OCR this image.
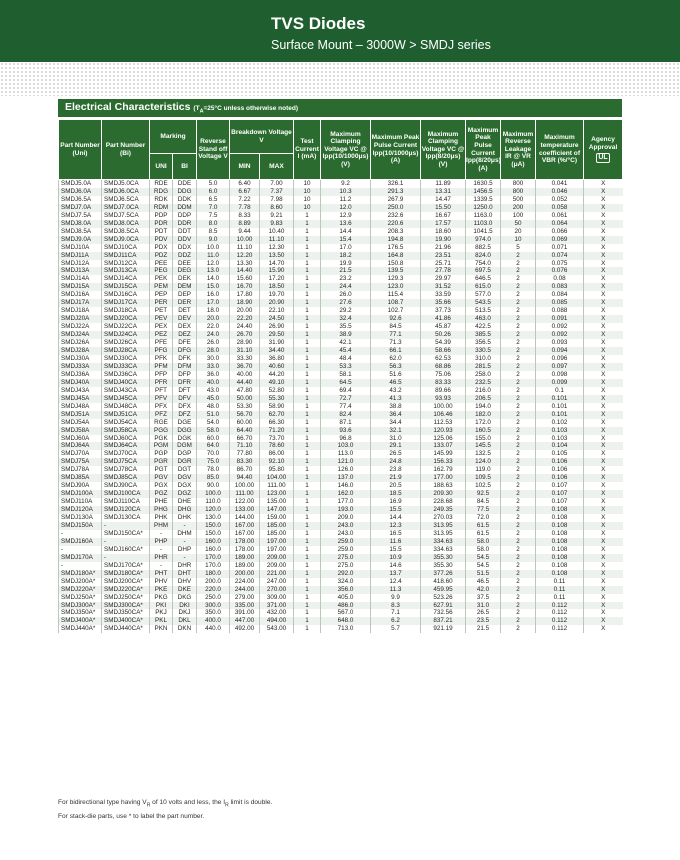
TVS Diodes
Surface Mount – 3000W > SMDJ series
Electrical Characteristics ($T_A=25^\circ C$ unless otherwise noted)
Part Number (Uni)	Part Number (Bi)	Marking		Reverse Stand off Voltage V	Breakdown Voltage V		Test Current I (mA)	Maximum Clamping Voltage VC @ Ipp(10/1000μs) (V)	Maximum Peak Pulse Current Ipp(10/1000μs) (A)	Maximum Clamping Voltage VC @ Ipp(8/20μs) (V)	Maximum Peak Pulse Current Ipp(8/20μs) (A)	Maximum Reverse Leakage IR @ VR (μA)	Maximum temperature coefficient of VBR (%/°C)	Agency Approval
UL
		UNI	BI		MIN	MAX								
SMDJ5.0A	SMDJ5.0CA	RDE	DDE	5.0	6.40	7.00	10	9.2	326.1	11.89	1630.5	800	0.041	X
SMDJ6.0A	SMDJ6.0CA	RDG	DDG	6.0	6.67	7.37	10	10.3	291.3	13.31	1456.5	800	0.046	X
SMDJ6.5A	SMDJ6.5CA	RDK	DDK	6.5	7.22	7.98	10	11.2	267.9	14.47	1339.5	500	0.052	X
SMDJ7.0A	SMDJ7.0CA	RDM	DDM	7.0	7.78	8.60	10	12.0	250.0	15.50	1250.0	200	0.058	X
SMDJ7.5A	SMDJ7.5CA	PDP	DDP	7.5	8.33	9.21	1	12.9	232.6	16.67	1163.0	100	0.061	X
SMDJ8.0A	SMDJ8.0CA	PDR	DDR	8.0	8.89	9.83	1	13.6	220.6	17.57	1103.0	50	0.064	X
SMDJ8.5A	SMDJ8.5CA	PDT	DDT	8.5	9.44	10.40	1	14.4	208.3	18.60	1041.5	20	0.066	X
SMDJ9.0A	SMDJ9.0CA	PDV	DDV	9.0	10.00	11.10	1	15.4	194.8	19.90	974.0	10	0.069	X
SMDJ10A	SMDJ10CA	PDX	DDX	10.0	11.10	12.30	1	17.0	176.5	21.96	882.5	5	0.071	X
SMDJ11A	SMDJ11CA	PDZ	DDZ	11.0	12.20	13.50	1	18.2	164.8	23.51	824.0	2	0.074	X
SMDJ12A	SMDJ12CA	PEE	DEE	12.0	13.30	14.70	1	19.9	150.8	25.71	754.0	2	0.075	X
SMDJ13A	SMDJ13CA	PEG	DEG	13.0	14.40	15.90	1	21.5	139.5	27.78	697.5	2	0.076	X
SMDJ14A	SMDJ14CA	PEK	DEK	14.0	15.60	17.20	1	23.2	129.3	29.97	646.5	2	0.08	X
SMDJ15A	SMDJ15CA	PEM	DEM	15.0	16.70	18.50	1	24.4	123.0	31.52	615.0	2	0.083	X
SMDJ16A	SMDJ16CA	PEP	DEP	16.0	17.80	19.70	1	26.0	115.4	33.59	577.0	2	0.084	X
SMDJ17A	SMDJ17CA	PER	DER	17.0	18.90	20.90	1	27.6	108.7	35.66	543.5	2	0.085	X
SMDJ18A	SMDJ18CA	PET	DET	18.0	20.00	22.10	1	29.2	102.7	37.73	513.5	2	0.088	X
SMDJ20A	SMDJ20CA	PEV	DEV	20.0	22.20	24.50	1	32.4	92.6	41.86	463.0	2	0.091	X
SMDJ22A	SMDJ22CA	PEX	DEX	22.0	24.40	26.90	1	35.5	84.5	45.87	422.5	2	0.092	X
SMDJ24A	SMDJ24CA	PEZ	DEZ	24.0	26.70	29.50	1	38.9	77.1	50.26	385.5	2	0.092	X
SMDJ26A	SMDJ26CA	PFE	DFE	26.0	28.90	31.90	1	42.1	71.3	54.39	356.5	2	0.093	X
SMDJ28A	SMDJ28CA	PFG	DFG	28.0	31.10	34.40	1	45.4	66.1	58.66	330.5	2	0.094	X
SMDJ30A	SMDJ30CA	PFK	DFK	30.0	33.30	36.80	1	48.4	62.0	62.53	310.0	2	0.096	X
SMDJ33A	SMDJ33CA	PFM	DFM	33.0	36.70	40.60	1	53.3	56.3	68.86	281.5	2	0.097	X
SMDJ36A	SMDJ36CA	PFP	DFP	36.0	40.00	44.20	1	58.1	51.6	75.06	258.0	2	0.098	X
SMDJ40A	SMDJ40CA	PFR	DFR	40.0	44.40	49.10	1	64.5	46.5	83.33	232.5	2	0.099	X
SMDJ43A	SMDJ43CA	PFT	DFT	43.0	47.80	52.80	1	69.4	43.2	89.66	216.0	2	0.1	X
SMDJ45A	SMDJ45CA	PFV	DFV	45.0	50.00	55.30	1	72.7	41.3	93.93	206.5	2	0.101	X
SMDJ48A	SMDJ48CA	PFX	DFX	48.0	53.30	58.90	1	77.4	38.8	100.00	194.0	2	0.101	X
SMDJ51A	SMDJ51CA	PFZ	DFZ	51.0	56.70	62.70	1	82.4	36.4	106.46	182.0	2	0.101	X
SMDJ54A	SMDJ54CA	RGE	DGE	54.0	60.00	66.30	1	87.1	34.4	112.53	172.0	2	0.102	X
SMDJ58A	SMDJ58CA	PGG	DGG	58.0	64.40	71.20	1	93.6	32.1	120.93	160.5	2	0.103	X
SMDJ60A	SMDJ60CA	PGK	DGK	60.0	66.70	73.70	1	96.8	31.0	125.06	155.0	2	0.103	X
SMDJ64A	SMDJ64CA	PGM	DGM	64.0	71.10	78.60	1	103.0	29.1	133.07	145.5	2	0.104	X
SMDJ70A	SMDJ70CA	PGP	DGP	70.0	77.80	86.00	1	113.0	26.5	145.99	132.5	2	0.105	X
SMDJ75A	SMDJ75CA	PGR	DGR	75.0	83.30	92.10	1	121.0	24.8	156.33	124.0	2	0.106	X
SMDJ78A	SMDJ78CA	PGT	DGT	78.0	86.70	95.80	1	126.0	23.8	162.79	119.0	2	0.106	X
SMDJ85A	SMDJ85CA	PGV	DGV	85.0	94.40	104.00	1	137.0	21.9	177.00	109.5	2	0.106	X
SMDJ90A	SMDJ90CA	PGX	DGX	90.0	100.00	111.00	1	146.0	20.5	188.63	102.5	2	0.107	X
SMDJ100A	SMDJ100CA	PGZ	DGZ	100.0	111.00	123.00	1	162.0	18.5	209.30	92.5	2	0.107	X
SMDJ110A	SMDJ110CA	PHE	DHE	110.0	122.00	135.00	1	177.0	16.9	228.68	84.5	2	0.107	X
SMDJ120A	SMDJ120CA	PHG	DHG	120.0	133.00	147.00	1	193.0	15.5	249.35	77.5	2	0.108	X
SMDJ130A	SMDJ130CA	PHK	DHK	130.0	144.00	159.00	1	209.0	14.4	270.03	72.0	2	0.108	X
SMDJ150A	-	PHM	-	150.0	167.00	185.00	1	243.0	12.3	313.95	61.5	2	0.108	X
-	SMDJ150CA*	-	DHM	150.0	167.00	185.00	1	243.0	16.5	313.95	61.5	2	0.108	X
SMDJ160A	-	PHP	-	160.0	178.00	197.00	1	259.0	11.6	334.63	58.0	2	0.108	X
-	SMDJ160CA*	-	DHP	160.0	178.00	197.00	1	259.0	15.5	334.63	58.0	2	0.108	X
SMDJ170A	-	PHR	-	170.0	189.00	209.00	1	275.0	10.9	355.30	54.5	2	0.108	X
-	SMDJ170CA*	-	DHR	170.0	189.00	209.00	1	275.0	14.6	355.30	54.5	2	0.108	X
SMDJ180A*	SMDJ180CA*	PHT	DHT	180.0	200.00	221.00	1	292.0	13.7	377.26	51.5	2	0.108	X
SMDJ200A*	SMDJ200CA*	PHV	DHV	200.0	224.00	247.00	1	324.0	12.4	418.60	46.5	2	0.11	X
SMDJ220A*	SMDJ220CA*	PKE	DKE	220.0	244.00	270.00	1	356.0	11.3	459.95	42.0	2	0.11	X
SMDJ250A*	SMDJ250CA*	PKG	DKG	250.0	279.00	309.00	1	405.0	9.9	523.26	37.5	2	0.11	X
SMDJ300A*	SMDJ300CA*	PKI	DKI	300.0	335.00	371.00	1	486.0	8.3	627.91	31.0	2	0.112	X
SMDJ350A*	SMDJ350CA*	PKJ	DKJ	350.0	391.00	432.00	1	567.0	7.1	732.56	26.5	2	0.112	X
SMDJ400A*	SMDJ400CA*	PKL	DKL	400.0	447.00	494.00	1	648.0	6.2	837.21	23.5	2	0.112	X
SMDJ440A*	SMDJ440CA*	PKN	DKN	440.0	492.00	543.00	1	713.0	5.7	921.19	21.5	2	0.112	X
For bidirectional type having $V_R$ of 10 volts and less, the $I_R$ limit is double.
For stack-die parts, use * to label the part number.
